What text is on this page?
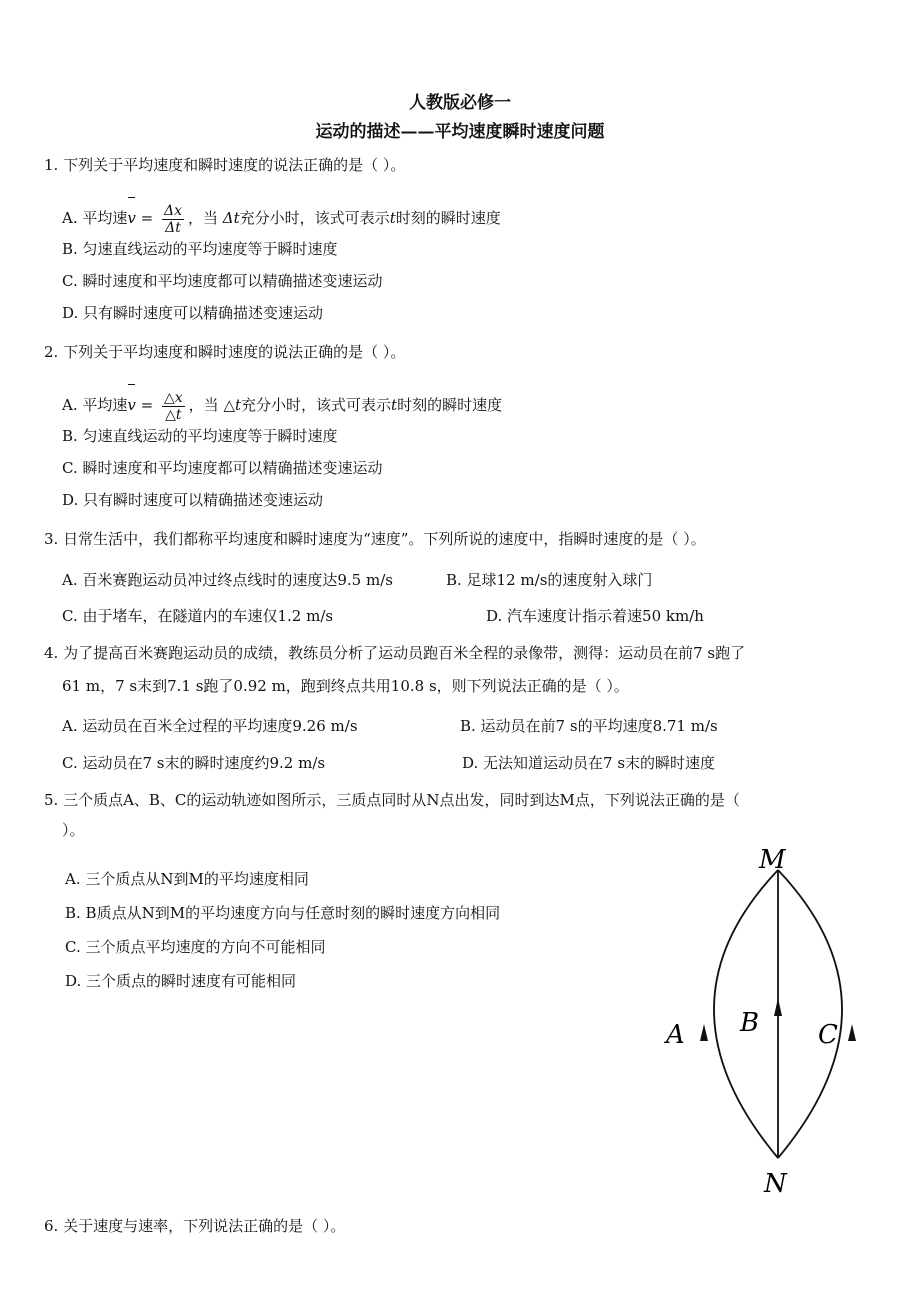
人教版必修一
运动的描述——平均速度瞬时速度问题
1. 下列关于平均速度和瞬时速度的说法正确的是（ ）。
A. 平均速$v = \frac{\Delta x}{\Delta t}$ ，当 Δt充分小时，该式可表示t时刻的瞬时速度
B. 匀速直线运动的平均速度等于瞬时速度
C. 瞬时速度和平均速度都可以精确描述变速运动
D. 只有瞬时速度可以精确描述变速运动
2. 下列关于平均速度和瞬时速度的说法正确的是（ ）。
A. 平均速$v = \frac{\triangle x}{\triangle t}$ ，当 △t充分小时，该式可表示t时刻的瞬时速度
B. 匀速直线运动的平均速度等于瞬时速度
C. 瞬时速度和平均速度都可以精确描述变速运动
D. 只有瞬时速度可以精确描述变速运动
3. 日常生活中，我们都称平均速度和瞬时速度为“速度”。下列所说的速度中，指瞬时速度的是（ ）。
A. 百米赛跑运动员冲过终点线时的速度达9.5 m/s	B. 足球12 m/s的速度射入球门
C. 由于堵车，在隧道内的车速仅1.2 m/s	D. 汽车速度计指示着速50 km/h
4. 为了提高百米赛跑运动员的成绩，教练员分析了运动员跑百米全程的录像带，测得：运动员在前7 s跑了
61 m，7 s末到7.1 s跑了0.92 m，跑到终点共用10.8 s，则下列说法正确的是（ ）。
A. 运动员在百米全过程的平均速度9.26 m/s	B. 运动员在前7 s的平均速度8.71 m/s
C. 运动员在7 s末的瞬时速度约9.2 m/s	D. 无法知道运动员在7 s末的瞬时速度
5. 三个质点A、B、C的运动轨迹如图所示，三质点同时从N点出发，同时到达M点，下列说法正确的是（
）。
A. 三个质点从N到M的平均速度相同
B. B质点从N到M的平均速度方向与任意时刻的瞬时速度方向相同
C. 三个质点平均速度的方向不可能相同
D. 三个质点的瞬时速度有可能相同
M
N
A B C
6. 关于速度与速率，下列说法正确的是（ ）。
